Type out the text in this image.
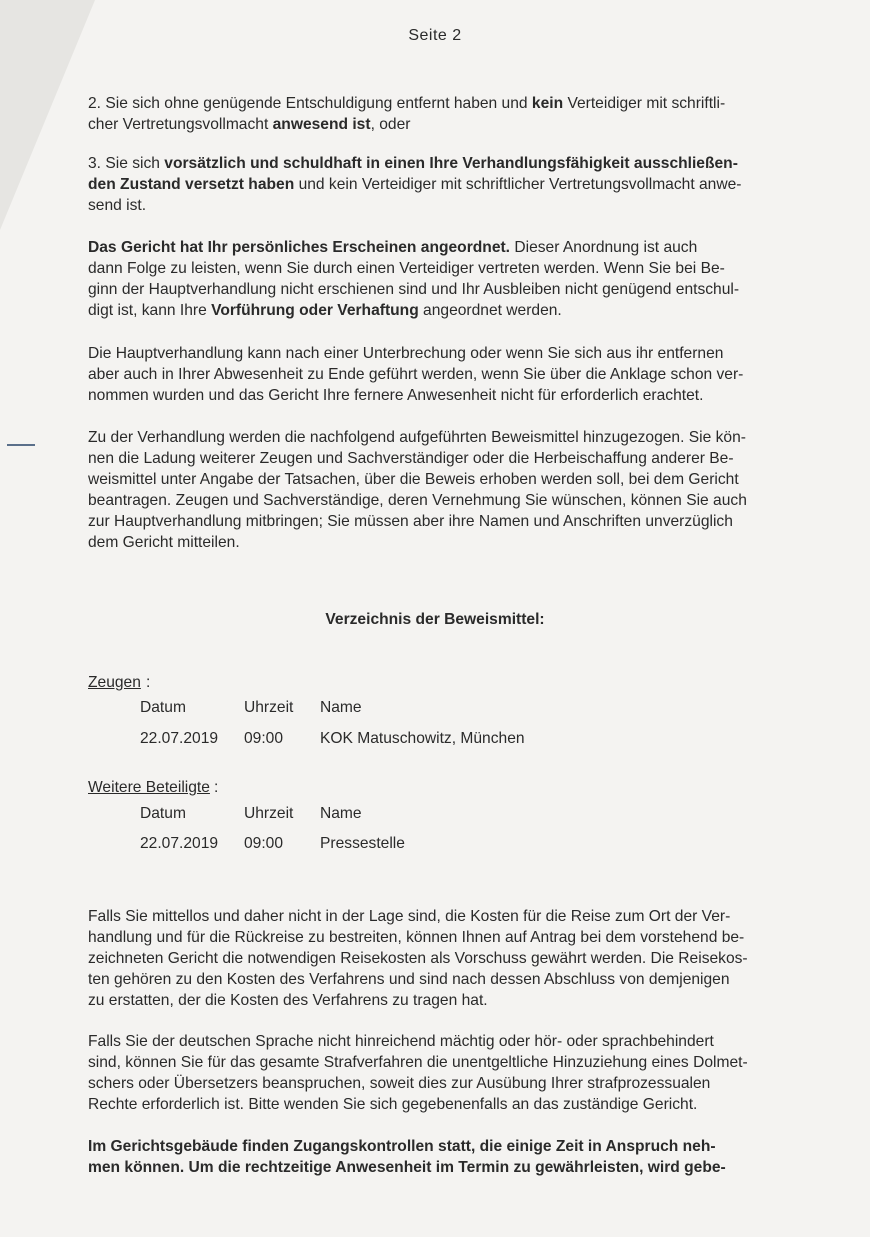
Seite 2
2. Sie sich ohne genügende Entschuldigung entfernt haben und kein Verteidiger mit schriftli-
cher Vertretungsvollmacht anwesend ist, oder
3. Sie sich vorsätzlich und schuldhaft in einen Ihre Verhandlungsfähigkeit ausschließen-
den Zustand versetzt haben und kein Verteidiger mit schriftlicher Vertretungsvollmacht anwe-
send ist.
Das Gericht hat Ihr persönliches Erscheinen angeordnet. Dieser Anordnung ist auch
dann Folge zu leisten, wenn Sie durch einen Verteidiger vertreten werden. Wenn Sie bei Be-
ginn der Hauptverhandlung nicht erschienen sind und Ihr Ausbleiben nicht genügend entschul-
digt ist, kann Ihre Vorführung oder Verhaftung angeordnet werden.
Die Hauptverhandlung kann nach einer Unterbrechung oder wenn Sie sich aus ihr entfernen
aber auch in Ihrer Abwesenheit zu Ende geführt werden, wenn Sie über die Anklage schon ver-
nommen wurden und das Gericht Ihre fernere Anwesenheit nicht für erforderlich erachtet.
Zu der Verhandlung werden die nachfolgend aufgeführten Beweismittel hinzugezogen. Sie kön-
nen die Ladung weiterer Zeugen und Sachverständiger oder die Herbeischaffung anderer Be-
weismittel unter Angabe der Tatsachen, über die Beweis erhoben werden soll, bei dem Gericht
beantragen. Zeugen und Sachverständige, deren Vernehmung Sie wünschen, können Sie auch
zur Hauptverhandlung mitbringen; Sie müssen aber ihre Namen und Anschriften unverzüglich
dem Gericht mitteilen.
Verzeichnis der Beweismittel:
Zeugen :
Datum	Uhrzeit Name
22.07.2019 09:00 KOK Matuschowitz, München
Weitere Beteiligte :
Datum	Uhrzeit Name
22.07.2019 09:00 Pressestelle
Falls Sie mittellos und daher nicht in der Lage sind, die Kosten für die Reise zum Ort der Ver-
handlung und für die Rückreise zu bestreiten, können Ihnen auf Antrag bei dem vorstehend be-
zeichneten Gericht die notwendigen Reisekosten als Vorschuss gewährt werden. Die Reisekos-
ten gehören zu den Kosten des Verfahrens und sind nach dessen Abschluss von demjenigen
zu erstatten, der die Kosten des Verfahrens zu tragen hat.
Falls Sie der deutschen Sprache nicht hinreichend mächtig oder hör- oder sprachbehindert
sind, können Sie für das gesamte Strafverfahren die unentgeltliche Hinzuziehung eines Dolmet-
schers oder Übersetzers beanspruchen, soweit dies zur Ausübung Ihrer strafprozessualen
Rechte erforderlich ist. Bitte wenden Sie sich gegebenenfalls an das zuständige Gericht.
Im Gerichtsgebäude finden Zugangskontrollen statt, die einige Zeit in Anspruch neh-
men können. Um die rechtzeitige Anwesenheit im Termin zu gewährleisten, wird gebe-
